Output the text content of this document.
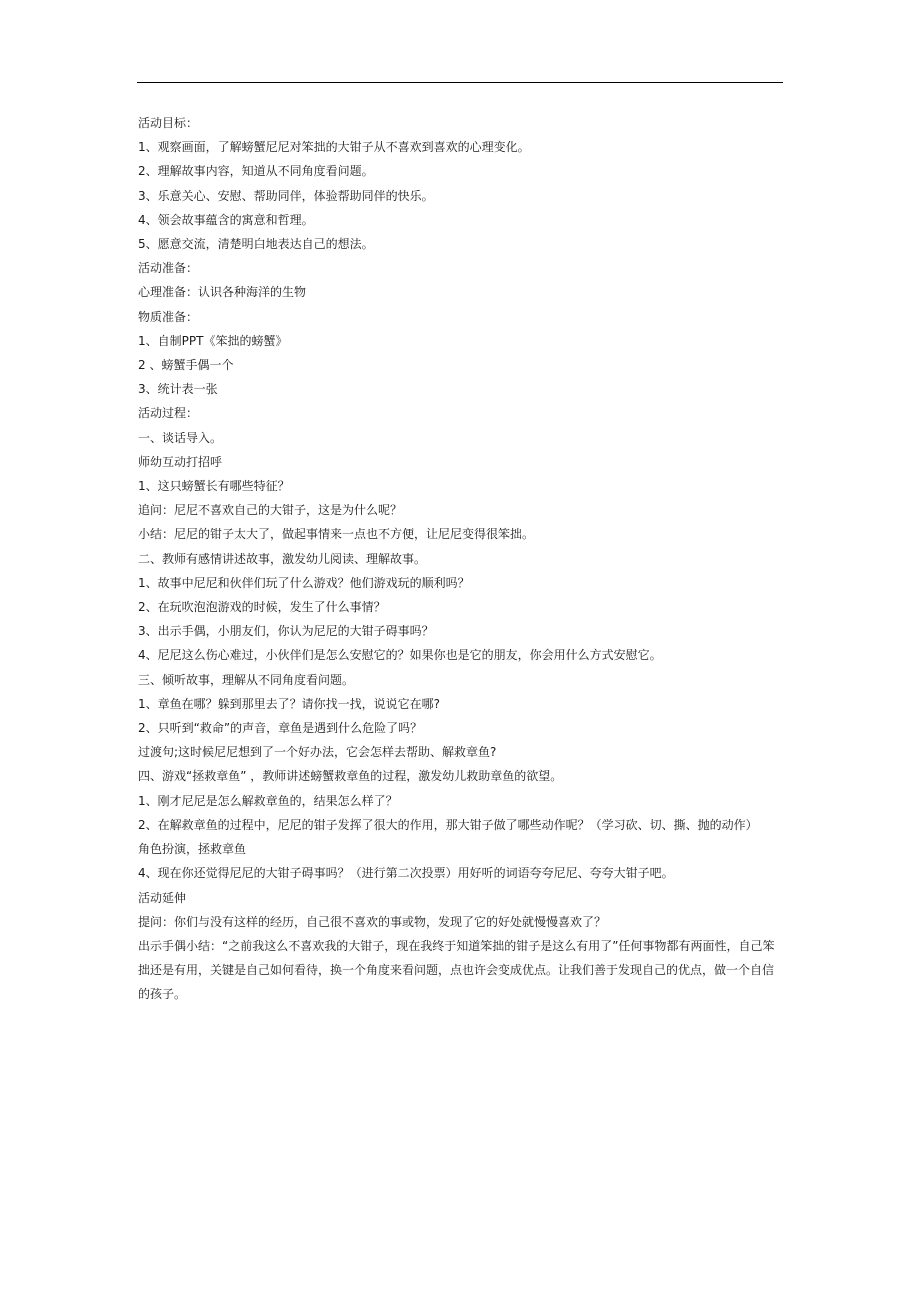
活动目标：
1、观察画面，了解螃蟹尼尼对笨拙的大钳子从不喜欢到喜欢的心理变化。
2、理解故事内容，知道从不同角度看问题。
3、乐意关心、安慰、帮助同伴，体验帮助同伴的快乐。
4、领会故事蕴含的寓意和哲理。
5、愿意交流，清楚明白地表达自己的想法。
活动准备：
心理准备：认识各种海洋的生物
物质准备：
1、自制PPT《笨拙的螃蟹》
2 、螃蟹手偶一个
3、统计表一张
活动过程：
一、谈话导入。
师幼互动打招呼
1、这只螃蟹长有哪些特征？
追问：尼尼不喜欢自己的大钳子，这是为什么呢？
小结：尼尼的钳子太大了，做起事情来一点也不方便，让尼尼变得很笨拙。
二、教师有感情讲述故事，激发幼儿阅读、理解故事。
1、故事中尼尼和伙伴们玩了什么游戏？他们游戏玩的顺利吗？
2、在玩吹泡泡游戏的时候，发生了什么事情？
3、出示手偶，小朋友们，你认为尼尼的大钳子碍事吗？
4、尼尼这么伤心难过，小伙伴们是怎么安慰它的？如果你也是它的朋友，你会用什么方式安慰它。
三、倾听故事，理解从不同角度看问题。
1、章鱼在哪？躲到那里去了？请你找一找，说说它在哪?
2、只听到“救命”的声音，章鱼是遇到什么危险了吗？
过渡句;这时候尼尼想到了一个好办法，它会怎样去帮助、解救章鱼?
四、游戏“拯救章鱼” ，教师讲述螃蟹救章鱼的过程，激发幼儿救助章鱼的欲望。
1、刚才尼尼是怎么解救章鱼的，结果怎么样了？
2、在解救章鱼的过程中，尼尼的钳子发挥了很大的作用，那大钳子做了哪些动作呢？（学习砍、切、撕、抛的动作）
角色扮演，拯救章鱼
4、现在你还觉得尼尼的大钳子碍事吗？（进行第二次投票）用好听的词语夸夸尼尼、夸夸大钳子吧。
活动延伸
提问：你们与没有这样的经历，自己很不喜欢的事或物，发现了它的好处就慢慢喜欢了？
出示手偶小结：“之前我这么不喜欢我的大钳子，现在我终于知道笨拙的钳子是这么有用了”任何事物都有两面性，自己笨拙还是有用，关键是自己如何看待，换一个角度来看问题，点也许会变成优点。让我们善于发现自己的优点，做一个自信的孩子。
